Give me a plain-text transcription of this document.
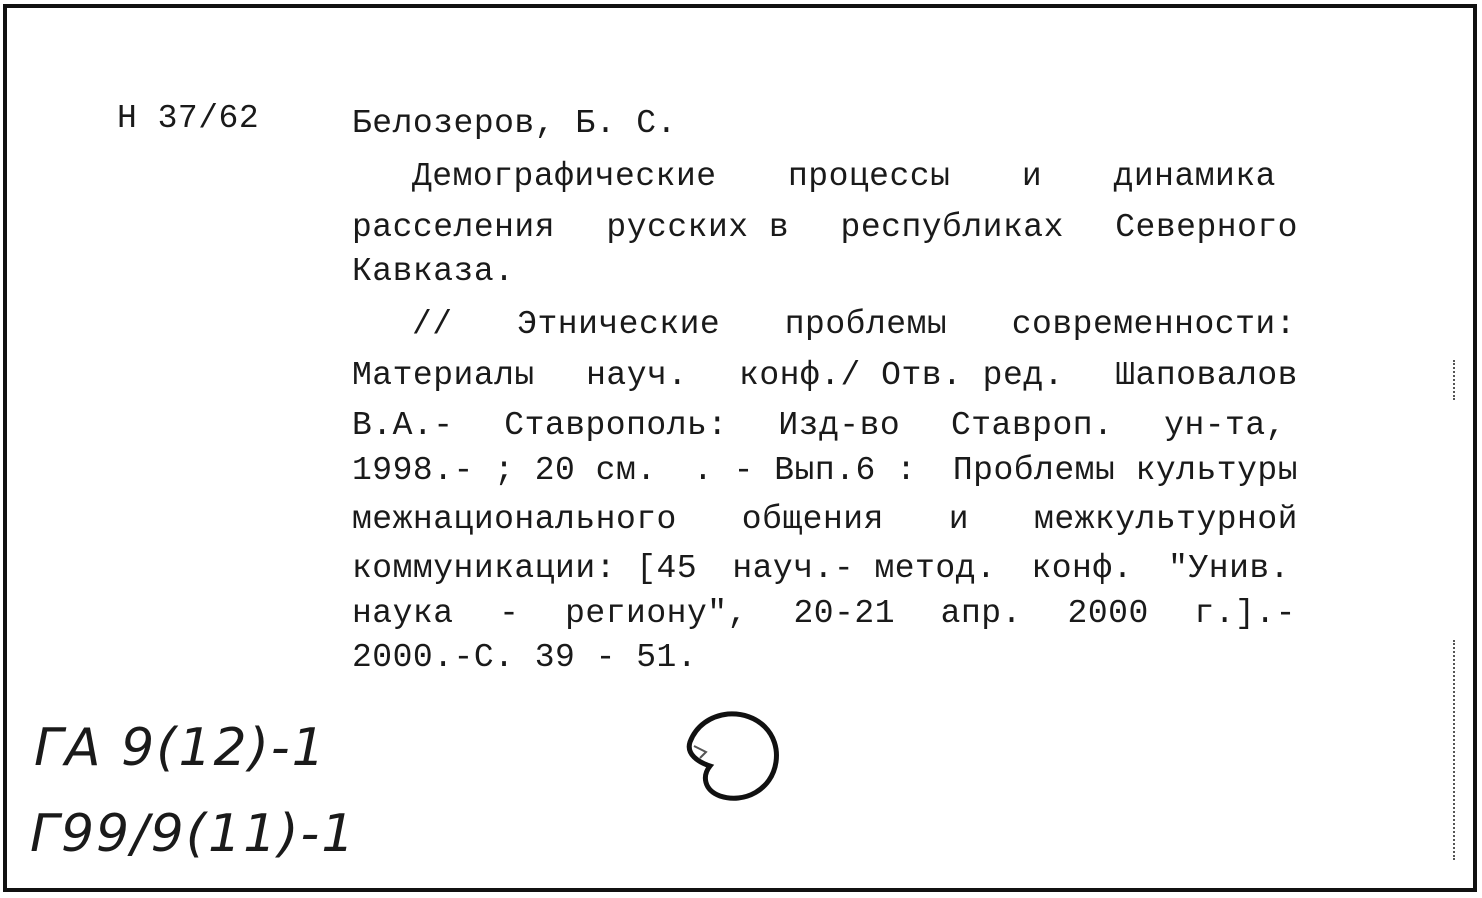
Н 37/62	Белозеров, Б. С.
Демографические процессы и динамика
расселения русских в республиках Северного
Кавказа.
// Этнические проблемы современности:
Материалы науч. конф./ Отв. ред. Шаповалов
В.А.- Ставрополь: Изд-во Ставроп. ун-та,
1998.- ; 20 см. . - Вып.6 : Проблемы культуры
межнационального общения и межкультурной
коммуникации: [45 науч.- метод. конф. "Унив.
наука - региону", 20-21 апр. 2000 г.].-
2000.-С. 39 - 51.
ГА 9(12)-1
Г99/9(11)-1
